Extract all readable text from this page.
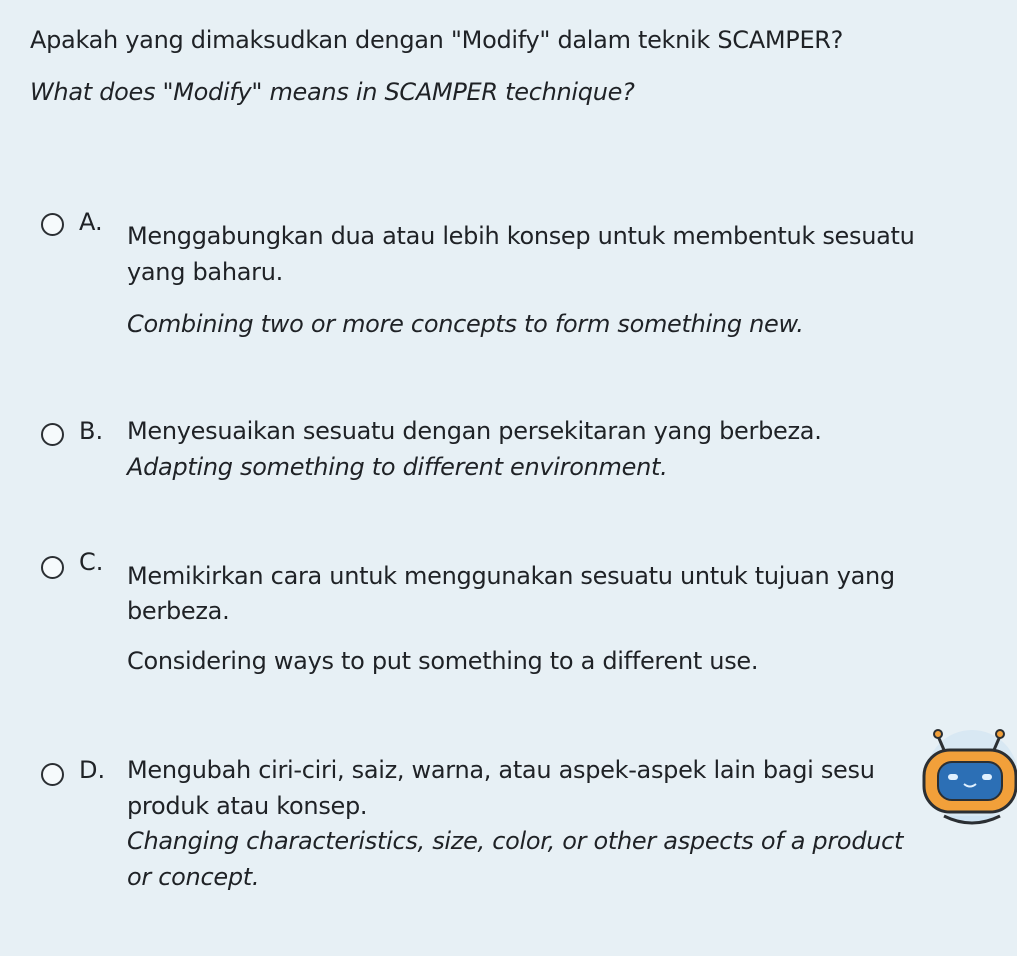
Apakah yang dimaksudkan dengan "Modify" dalam teknik SCAMPER?
What does "Modify" means in SCAMPER technique?
A. Menggabungkan dua atau lebih konsep untuk membentuk sesuatu
yang baharu.
Combining two or more concepts to form something new.
B. Menyesuaikan sesuatu dengan persekitaran yang berbeza.
Adapting something to different environment.
C. Memikirkan cara untuk menggunakan sesuatu untuk tujuan yang
berbeza.
Considering ways to put something to a different use.
D. Mengubah ciri-ciri, saiz, warna, atau aspek-aspek lain bagi sesu
produk atau konsep.
Changing characteristics, size, color, or other aspects of a product
or concept.
